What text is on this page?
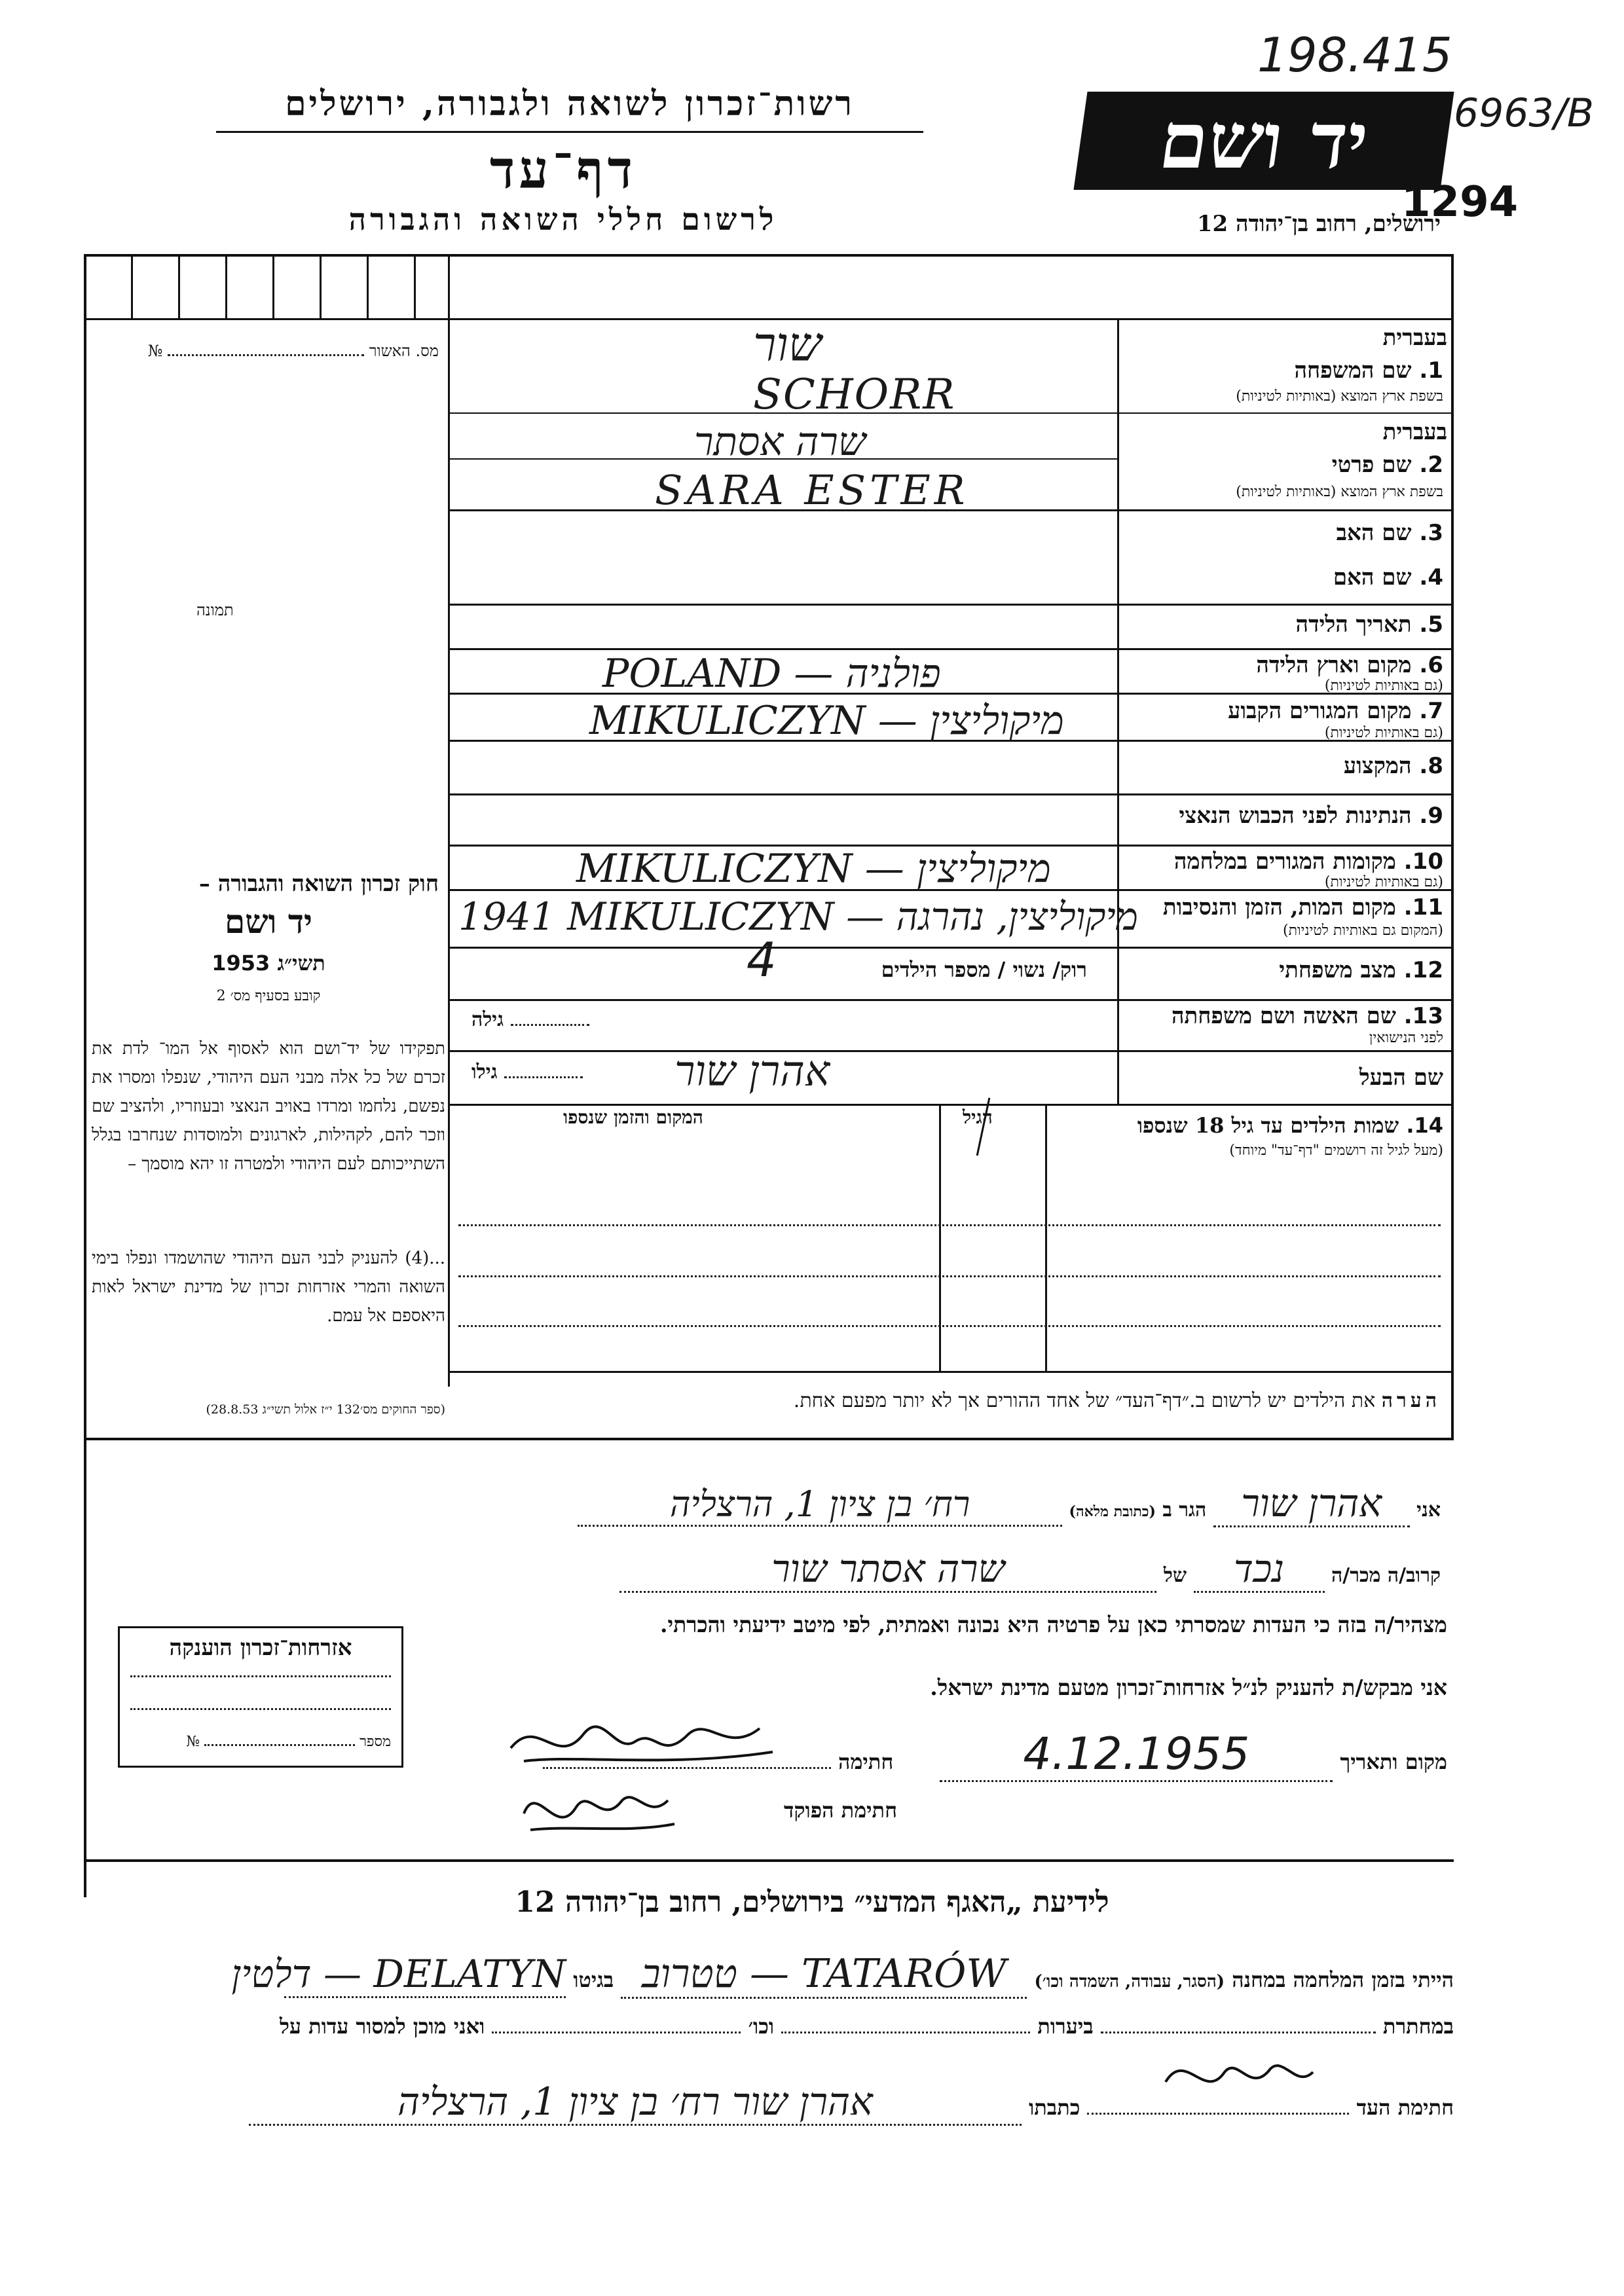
198.415
6963/B
רשות־זכרון לשואה ולגבורה, ירושלים
דף־עד
לרשום חללי השואה והגבורה
יד ושם
1294
ירושלים, רחוב בן־יהודה 12
מס. האשור  №
תמונה
חוק זכרון השואה והגבורה –
יד ושם
תשי״ג 1953
קובע בסעיף מס׳ 2
תפקידו של יד־ושם הוא לאסוף אל המו־ לדת את זכרם של כל אלה מבני העם היהודי, שנפלו ומסרו את נפשם, נלחמו ומרדו באויב הנאצי ובעוזריו, ולהציב שם וזכר להם, לקהילות, לארגונים ולמוסדות שנחרבו בגלל השתייכותם לעם היהודי ולמטרה זו יהא מוסמך –
...(4) להעניק לבני העם היהודי שהושמדו ונפלו בימי השואה והמרי אזרחות זכרון של מדינת ישראל לאות היאספם אל עמם.
(ספר החוקים מס׳132 י״ז אלול תשי״ג 28.8.53)
בעברית
1. שם המשפחה
בשפת ארץ המוצא (באותיות לטיניות)
שור
SCHORR
בעברית
2. שם פרטי
בשפת ארץ המוצא (באותיות לטיניות)
שרה אסתר
SARA ESTER
3. שם האב
4. שם האם
5. תאריך הלידה
6. מקום וארץ הלידה
(גם באותיות לטיניות)
POLAND — פולניה
7. מקום המגורים הקבוע
(גם באותיות לטיניות)
MIKULICZYN — מיקוליצין
8. המקצוע
9. הנתינות לפני הכבוש הנאצי
10. מקומות המגורים במלחמה
(גם באותיות לטיניות)
MIKULICZYN — מיקוליצין
11. מקום המות, הזמן והנסיבות
(המקום גם באותיות לטיניות)
1941 MIKULICZYN — מיקוליצין, נהרגה
12. מצב משפחתי
רוק/ נשוי / מספר הילדים
4
13. שם האשה ושם משפחתה
לפני הנישואין
גילה
שם הבעל
אהרן שור
גילו
14. שמות הילדים עד גיל 18 שנספו
(מעל לגיל זה רושמים "דף־עד" מיוחד)
הגיל
המקום והזמן שנספו
הערה את הילדים יש לרשום ב.״דף־העד״ של אחד ההורים אך לא יותר מפעם אחת.
אני אהרן שור הגר ב (כתובת מלאה) רח׳ בן ציון 1, הרצליה
קרוב/ה מכר/ה נכד של שרה אסתר שור
מצהיר/ה בזה כי העדות שמסרתי כאן על פרטיה היא נכונה ואמתית, לפי מיטב ידיעתי והכרתי.
אני מבקש/ת להעניק לנ״ל אזרחות־זכרון מטעם מדינת ישראל.
מקום ותאריך 4.12.1955 חתימה
חתימת הפוקד
אזרחות־זכרון הוענקה
מספר  №
לידיעת „האגף המדעי״ בירושלים, רחוב בן־יהודה 12
הייתי בזמן המלחמה במחנה (הסגר, עבודה, השמדה וכו׳) TATARÓW — טטרוב בגיטו DELATYN — דלטין
במחתרת  ביערות  וכו׳  ואני מוכן למסור עדות על
חתימת העד  כתבתו אהרן שור רח׳ בן ציון 1, הרצליה
